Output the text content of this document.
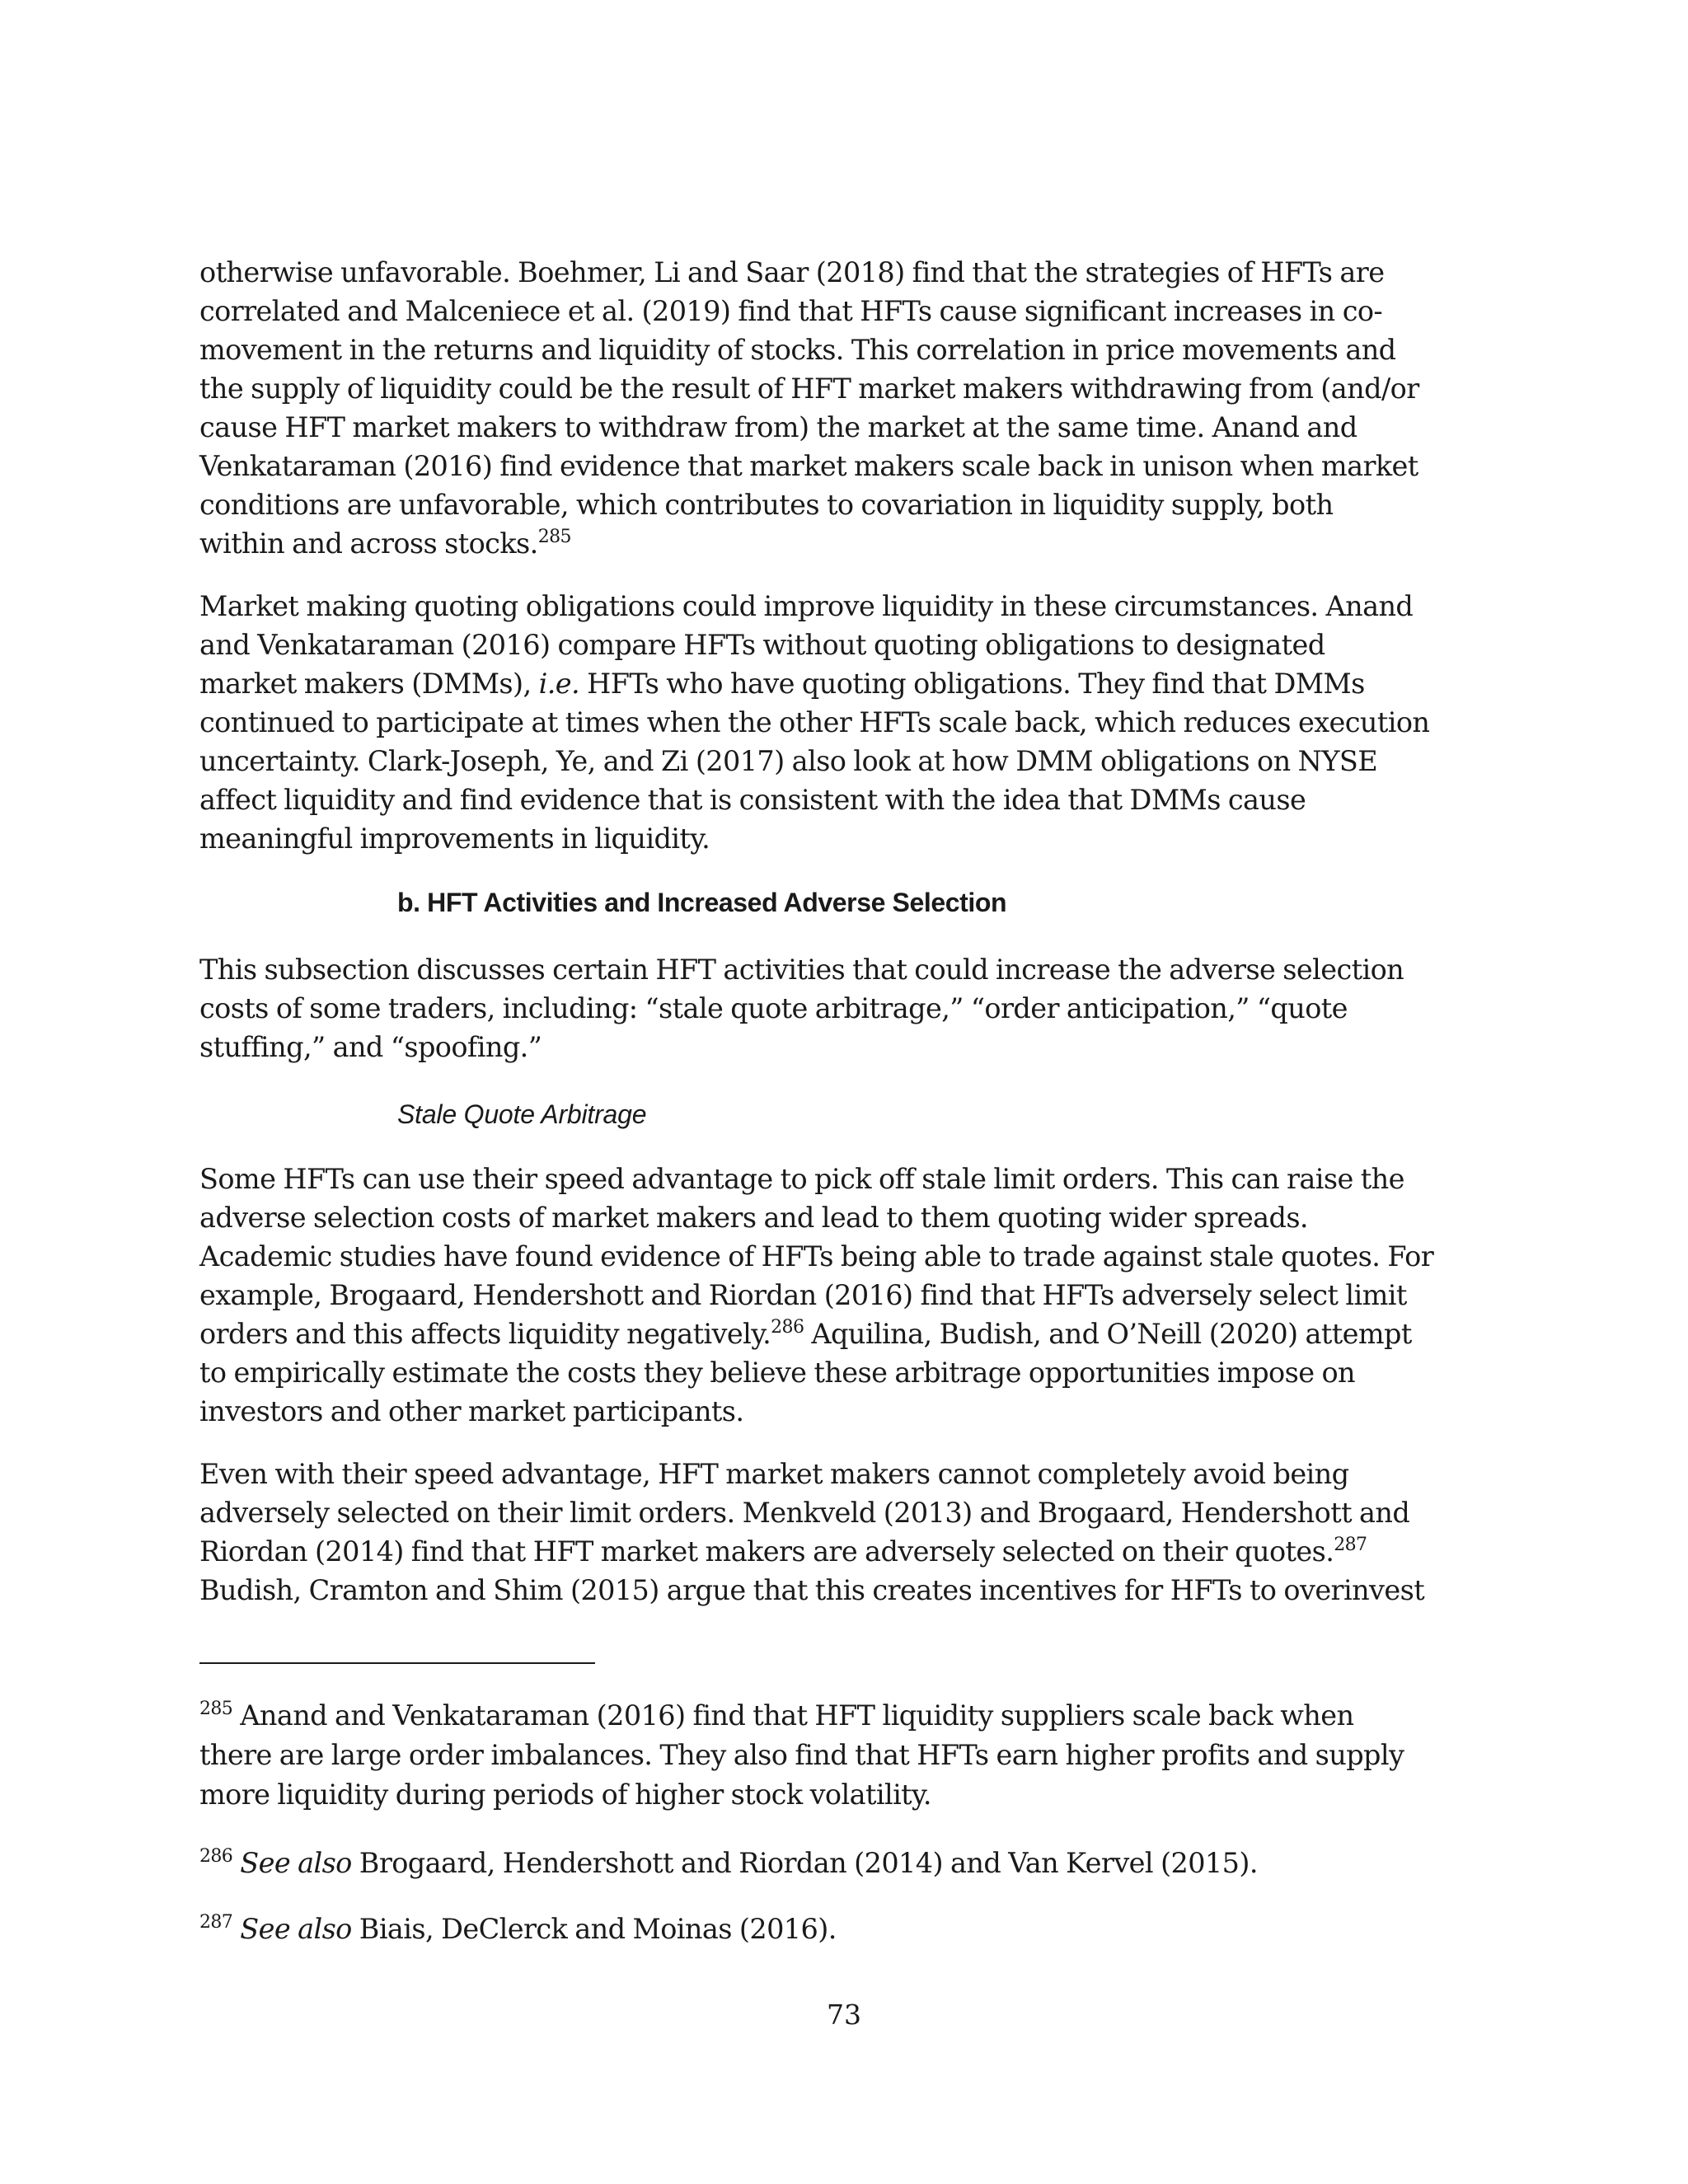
otherwise unfavorable. Boehmer, Li and Saar (2018) find that the strategies of HFTs are
correlated and Malceniece et al. (2019) find that HFTs cause significant increases in co-
movement in the returns and liquidity of stocks. This correlation in price movements and
the supply of liquidity could be the result of HFT market makers withdrawing from (and/or
cause HFT market makers to withdraw from) the market at the same time. Anand and
Venkataraman (2016) find evidence that market makers scale back in unison when market
conditions are unfavorable, which contributes to covariation in liquidity supply, both
within and across stocks.$^{285}$

Market making quoting obligations could improve liquidity in these circumstances. Anand
and Venkataraman (2016) compare HFTs without quoting obligations to designated
market makers (DMMs), i.e. HFTs who have quoting obligations. They find that DMMs
continued to participate at times when the other HFTs scale back, which reduces execution
uncertainty. Clark-Joseph, Ye, and Zi (2017) also look at how DMM obligations on NYSE
affect liquidity and find evidence that is consistent with the idea that DMMs cause
meaningful improvements in liquidity.

b. HFT Activities and Increased Adverse Selection

This subsection discusses certain HFT activities that could increase the adverse selection
costs of some traders, including: “stale quote arbitrage,” “order anticipation,” “quote
stuffing,” and “spoofing.”

Stale Quote Arbitrage

Some HFTs can use their speed advantage to pick off stale limit orders. This can raise the
adverse selection costs of market makers and lead to them quoting wider spreads.
Academic studies have found evidence of HFTs being able to trade against stale quotes. For
example, Brogaard, Hendershott and Riordan (2016) find that HFTs adversely select limit
orders and this affects liquidity negatively.$^{286}$ Aquilina, Budish, and O’Neill (2020) attempt
to empirically estimate the costs they believe these arbitrage opportunities impose on
investors and other market participants.

Even with their speed advantage, HFT market makers cannot completely avoid being
adversely selected on their limit orders. Menkveld (2013) and Brogaard, Hendershott and
Riordan (2014) find that HFT market makers are adversely selected on their quotes.$^{287}$
Budish, Cramton and Shim (2015) argue that this creates incentives for HFTs to overinvest

$^{285}$ Anand and Venkataraman (2016) find that HFT liquidity suppliers scale back when
there are large order imbalances. They also find that HFTs earn higher profits and supply
more liquidity during periods of higher stock volatility.

$^{286}$ See also Brogaard, Hendershott and Riordan (2014) and Van Kervel (2015).

$^{287}$ See also Biais, DeClerck and Moinas (2016).

73
